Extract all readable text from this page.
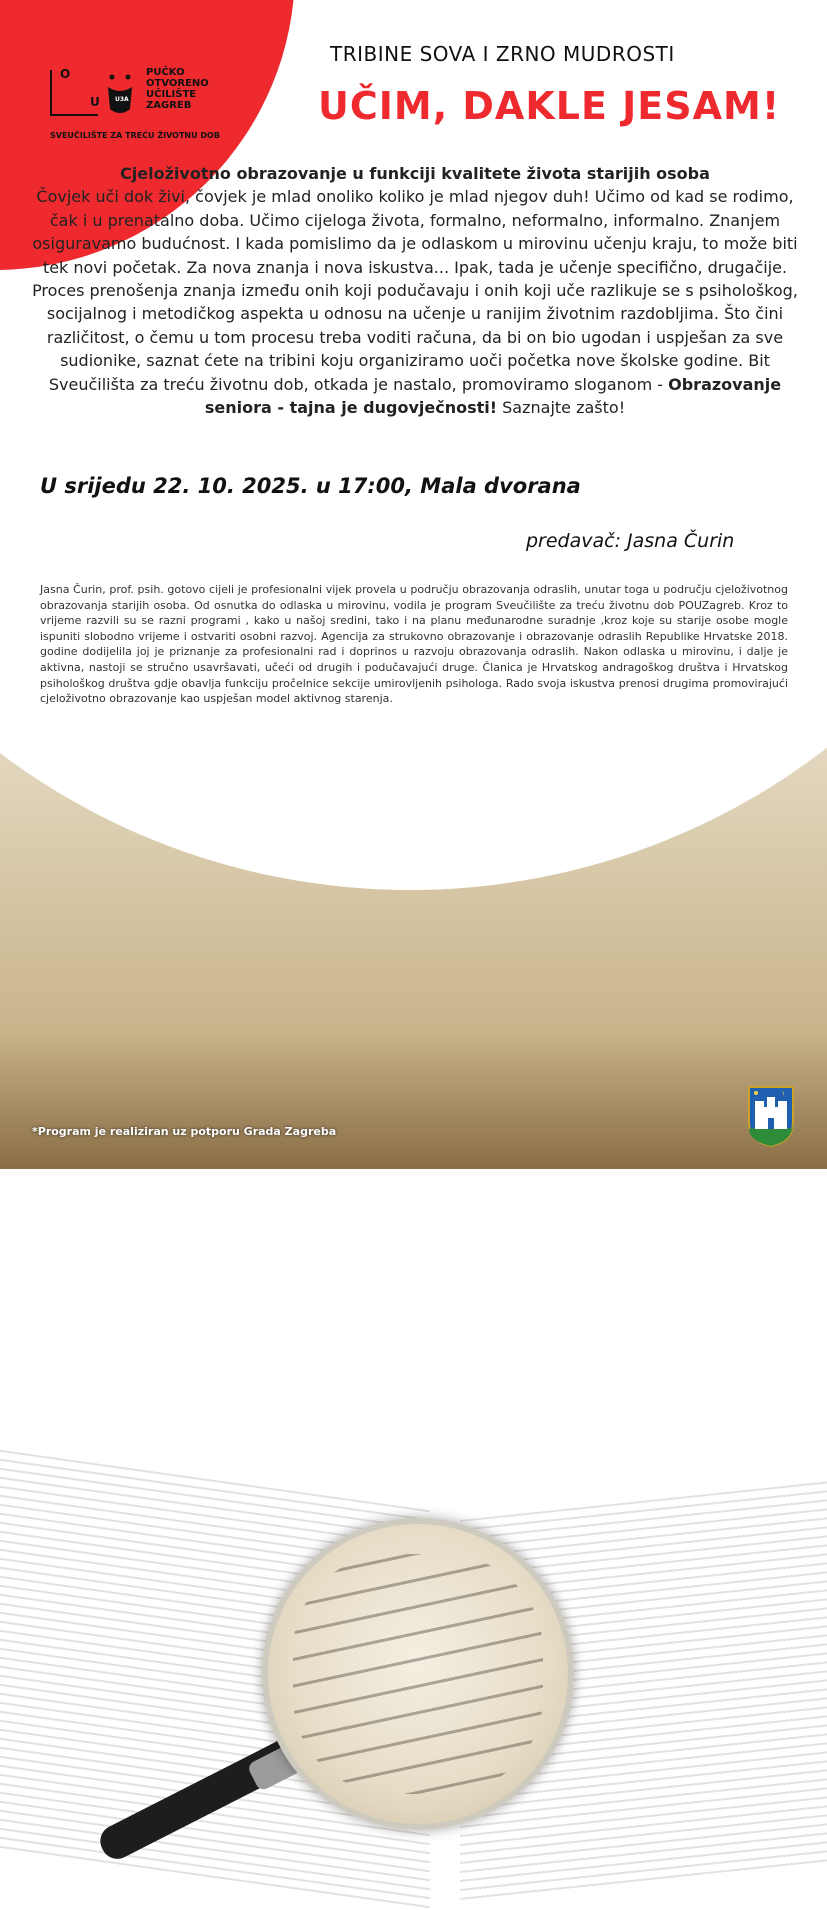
O
U	U3A
PUČKO
OTVORENO
UČILIŠTE
ZAGREB
SVEUČILIŠTE ZA TREĆU ŽIVOTNU DOB
TRIBINE SOVA I ZRNO MUDROSTI
UČIM, DAKLE JESAM!
Cjeloživotno obrazovanje u funkciji kvalitete života starijih osoba
Čovjek uči dok živi, čovjek je mlad onoliko koliko je mlad njegov duh! Učimo od kad se rodimo, čak i u prenatalno doba. Učimo cijeloga života, formalno, neformalno, informalno. Znanjem osiguravamo budućnost. I kada pomislimo da je odlaskom u mirovinu učenju kraju, to može biti tek novi početak. Za nova znanja i nova iskustva... Ipak, tada je učenje specifično, drugačije. Proces prenošenja znanja između onih koji podučavaju i onih koji uče razlikuje se s psihološkog, socijalnog i metodičkog aspekta u odnosu na učenje u ranijim životnim razdobljima. Što čini različitost, o čemu u tom procesu treba voditi računa, da bi on bio ugodan i uspješan za sve sudionike, saznat ćete na tribini koju organiziramo uoči početka nove školske godine. Bit Sveučilišta za treću životnu dob, otkada je nastalo, promoviramo sloganom - Obrazovanje seniora - tajna je dugovječnosti! Saznajte zašto!
U srijedu 22. 10. 2025. u 17:00, Mala dvorana
predavač: Jasna Čurin
Jasna Čurin, prof. psih. gotovo cijeli je profesionalni vijek provela u području obrazovanja odraslih, unutar toga u području cjeloživotnog obrazovanja starijih osoba. Od osnutka do odlaska u mirovinu, vodila je program Sveučilište za treću životnu dob POUZagreb. Kroz to vrijeme razvili su se razni programi , kako u našoj sredini, tako i na planu međunarodne suradnje ,kroz koje su starije osobe mogle ispuniti slobodno vrijeme i ostvariti osobni razvoj. Agencija za strukovno obrazovanje i obrazovanje odraslih Republike Hrvatske 2018. godine dodijelila joj je priznanje za profesionalni rad i doprinos u razvoju obrazovanja odraslih. Nakon odlaska u mirovinu, i dalje je aktivna, nastoji se stručno usavršavati, učeći od drugih i podučavajući druge. Članica je Hrvatskog andragoškog društva i Hrvatskog psihološkog društva gdje obavlja funkciju pročelnice sekcije umirovljenih psihologa. Rado svoja iskustva prenosi drugima promovirajući cjeloživotno obrazovanje kao uspješan model aktivnog starenja.
*Program je realiziran uz potporu Grada Zagreba
